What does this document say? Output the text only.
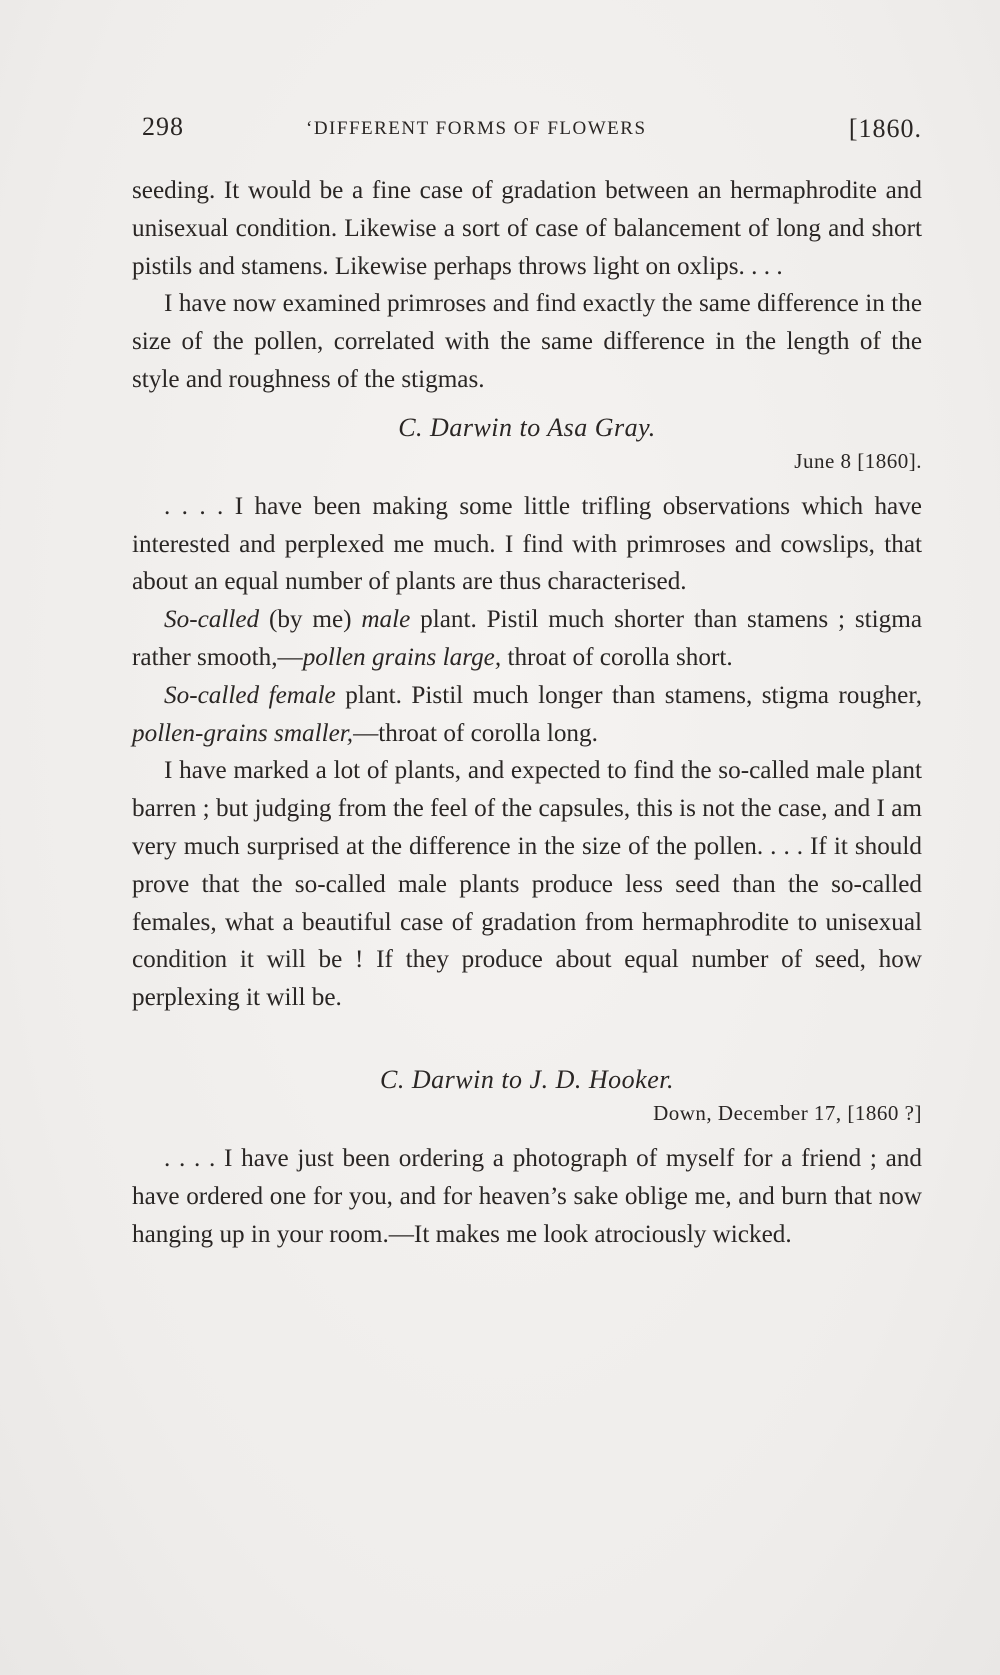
298	‘DIFFERENT FORMS OF FLOWERS	[1860.

seeding. It would be a fine case of gradation between an hermaphrodite and unisexual condition. Likewise a sort of case of balancement of long and short pistils and stamens. Likewise perhaps throws light on oxlips. . . .

I have now examined primroses and find exactly the same difference in the size of the pollen, correlated with the same difference in the length of the style and roughness of the stigmas.

C. Darwin to Asa Gray.
June 8 [1860].

. . . . I have been making some little trifling observations which have interested and perplexed me much. I find with primroses and cowslips, that about an equal number of plants are thus characterised.

So-called (by me) male plant. Pistil much shorter than stamens ; stigma rather smooth,—pollen grains large, throat of corolla short.

So-called female plant. Pistil much longer than stamens, stigma rougher, pollen-grains smaller,—throat of corolla long.

I have marked a lot of plants, and expected to find the so-called male plant barren ; but judging from the feel of the capsules, this is not the case, and I am very much surprised at the difference in the size of the pollen. . . . If it should prove that the so-called male plants produce less seed than the so-called females, what a beautiful case of gradation from hermaphrodite to unisexual condition it will be ! If they produce about equal number of seed, how perplexing it will be.

C. Darwin to J. D. Hooker.
Down, December 17, [1860 ?]

. . . . I have just been ordering a photograph of myself for a friend ; and have ordered one for you, and for heaven’s sake oblige me, and burn that now hanging up in your room.—It makes me look atrociously wicked.
